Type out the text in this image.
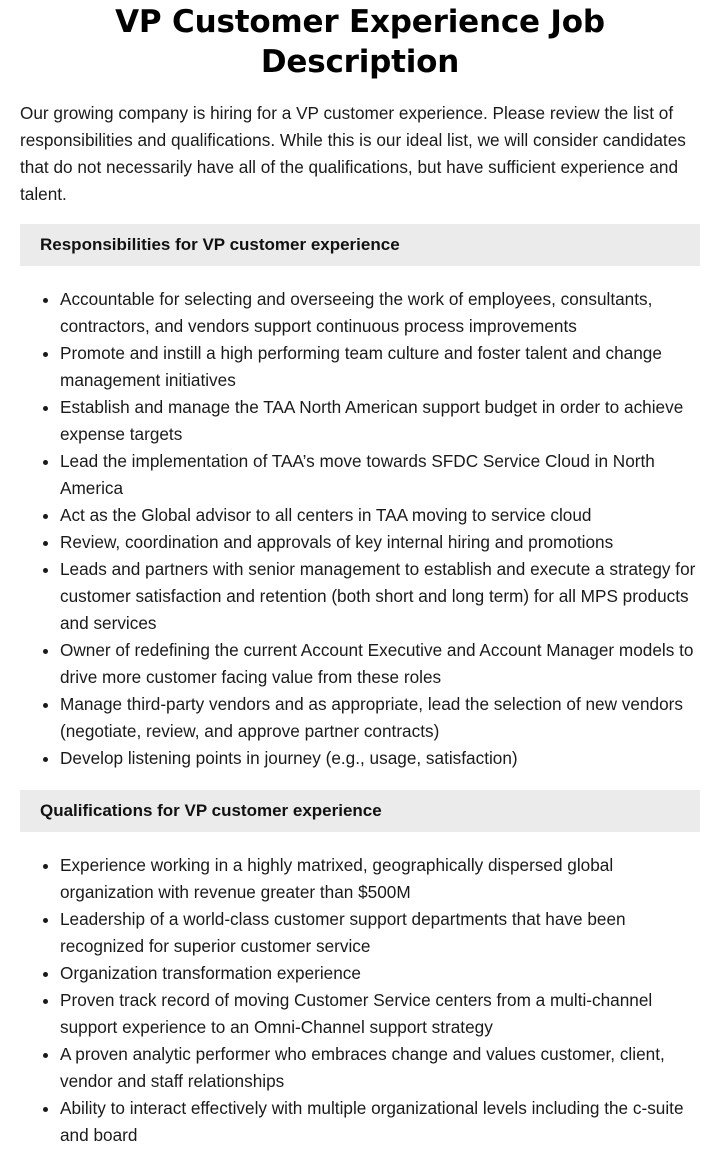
VP Customer Experience Job Description

Our growing company is hiring for a VP customer experience. Please review the list of responsibilities and qualifications. While this is our ideal list, we will consider candidates that do not necessarily have all of the qualifications, but have sufficient experience and talent.

Responsibilities for VP customer experience
• Accountable for selecting and overseeing the work of employees, consultants, contractors, and vendors support continuous process improvements
• Promote and instill a high performing team culture and foster talent and change management initiatives
• Establish and manage the TAA North American support budget in order to achieve expense targets
• Lead the implementation of TAA’s move towards SFDC Service Cloud in North America
• Act as the Global advisor to all centers in TAA moving to service cloud
• Review, coordination and approvals of key internal hiring and promotions
• Leads and partners with senior management to establish and execute a strategy for customer satisfaction and retention (both short and long term) for all MPS products and services
• Owner of redefining the current Account Executive and Account Manager models to drive more customer facing value from these roles
• Manage third-party vendors and as appropriate, lead the selection of new vendors (negotiate, review, and approve partner contracts)
• Develop listening points in journey (e.g., usage, satisfaction)
Qualifications for VP customer experience
• Experience working in a highly matrixed, geographically dispersed global organization with revenue greater than $500M
• Leadership of a world-class customer support departments that have been recognized for superior customer service
• Organization transformation experience
• Proven track record of moving Customer Service centers from a multi-channel support experience to an Omni-Channel support strategy
• A proven analytic performer who embraces change and values customer, client, vendor and staff relationships
• Ability to interact effectively with multiple organizational levels including the c-suite and board
